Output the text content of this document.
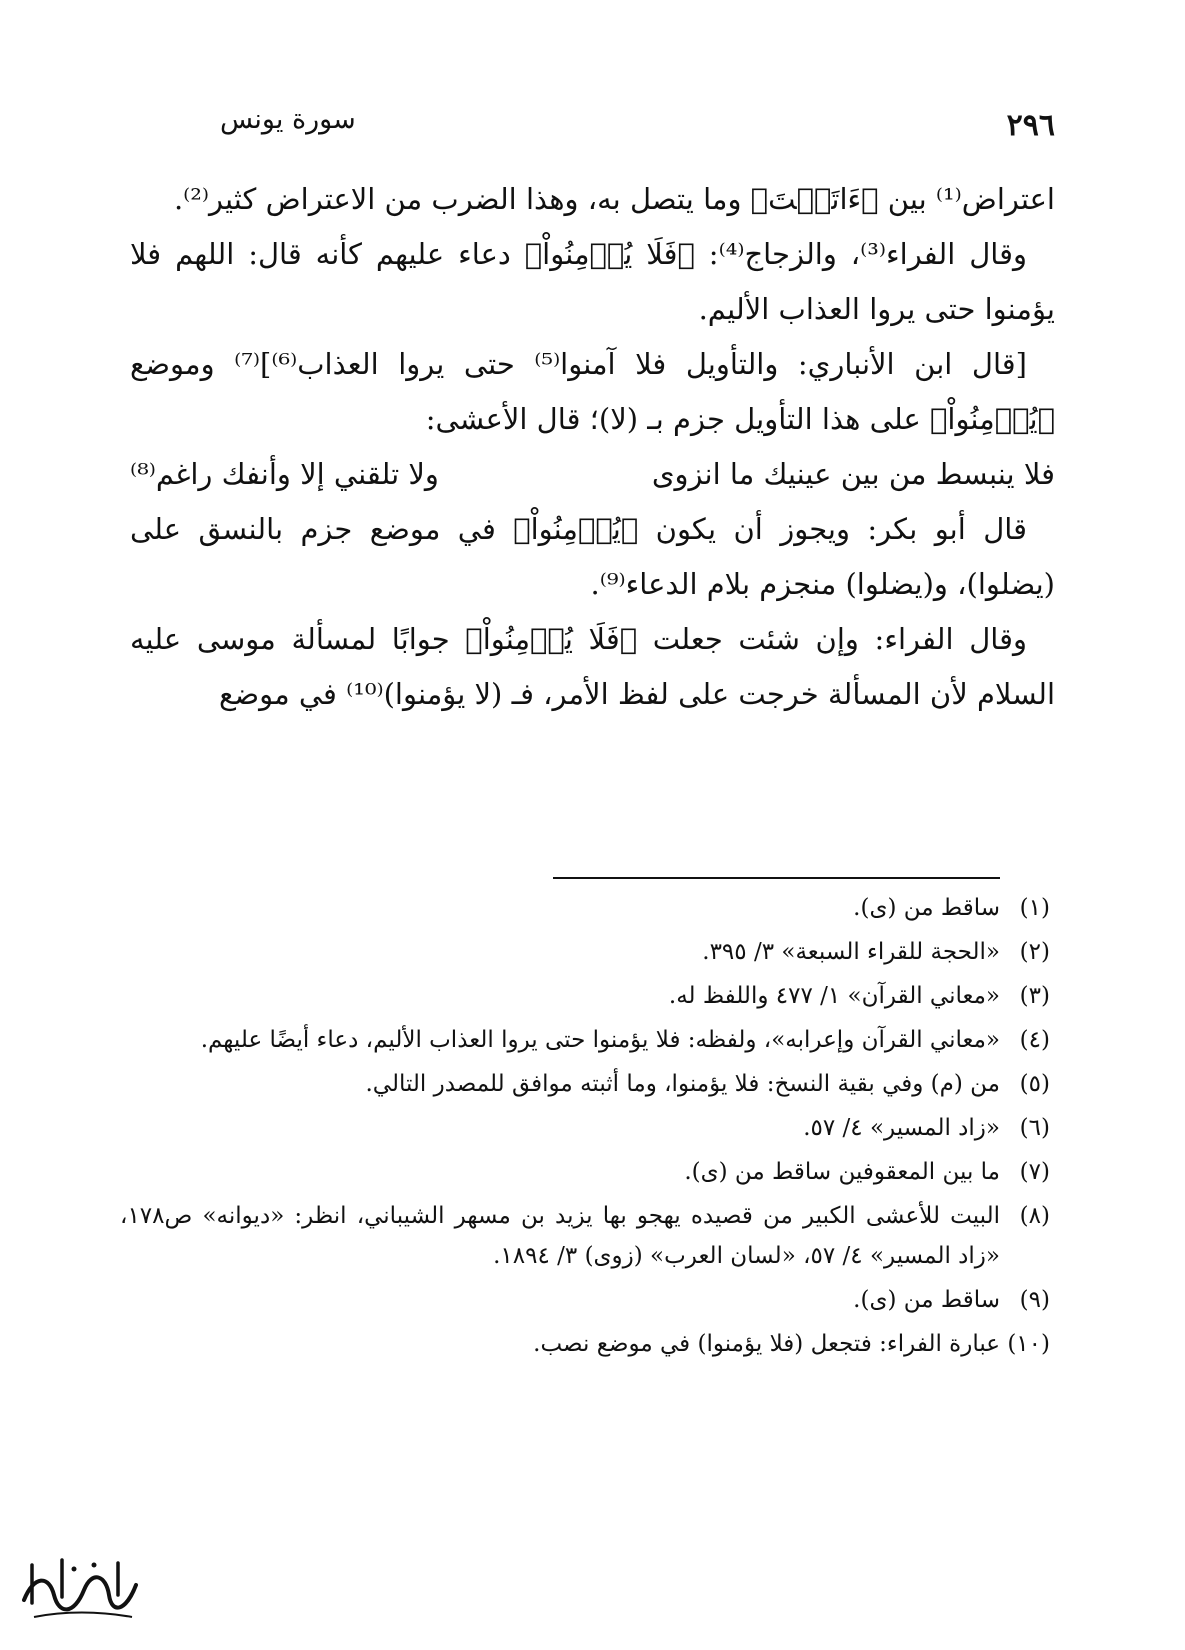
٢٩٦
سورة يونس

اعتراض⁽¹⁾ بين ﴿ءَاتَيۡتَ﴾ وما يتصل به، وهذا الضرب من الاعتراض كثير⁽²⁾.

وقال الفراء⁽³⁾، والزجاج⁽⁴⁾: ﴿فَلَا يُؤۡمِنُواْ﴾ دعاء عليهم كأنه قال: اللهم فلا يؤمنوا حتى يروا العذاب الأليم.

[قال ابن الأنباري: والتأويل فلا آمنوا⁽⁵⁾ حتى يروا العذاب⁽⁶⁾]⁽⁷⁾ وموضع ﴿يُؤۡمِنُواْ﴾ على هذا التأويل جزم بـ (لا)؛ قال الأعشى:

فلا ينبسط من بين عينيك ما انزوى
ولا تلقني إلا وأنفك راغم⁽⁸⁾

قال أبو بكر: ويجوز أن يكون ﴿يُؤۡمِنُواْ﴾ في موضع جزم بالنسق على (يضلوا)، و(يضلوا) منجزم بلام الدعاء⁽⁹⁾.

وقال الفراء: وإن شئت جعلت ﴿فَلَا يُؤۡمِنُواْ﴾ جوابًا لمسألة موسى عليه السلام لأن المسألة خرجت على لفظ الأمر، فـ (لا يؤمنوا)⁽¹⁰⁾ في موضع

(١)
ساقط من (ى).
(٢)
«الحجة للقراء السبعة» ٣/ ٣٩٥.
(٣)
«معاني القرآن» ١/ ٤٧٧ واللفظ له.
(٤)
«معاني القرآن وإعرابه»، ولفظه: فلا يؤمنوا حتى يروا العذاب الأليم، دعاء أيضًا عليهم.
(٥)
من (م) وفي بقية النسخ: فلا يؤمنوا، وما أثبته موافق للمصدر التالي.
(٦)
«زاد المسير» ٤/ ٥٧.
(٧)
ما بين المعقوفين ساقط من (ى).
(٨)
البيت للأعشى الكبير من قصيده يهجو بها يزيد بن مسهر الشيباني، انظر: «ديوانه» ص١٧٨، «زاد المسير» ٤/ ٥٧، «لسان العرب» (زوى) ٣/ ١٨٩٤.
(٩)
ساقط من (ى).
(١٠)
عبارة الفراء: فتجعل (فلا يؤمنوا) في موضع نصب.
